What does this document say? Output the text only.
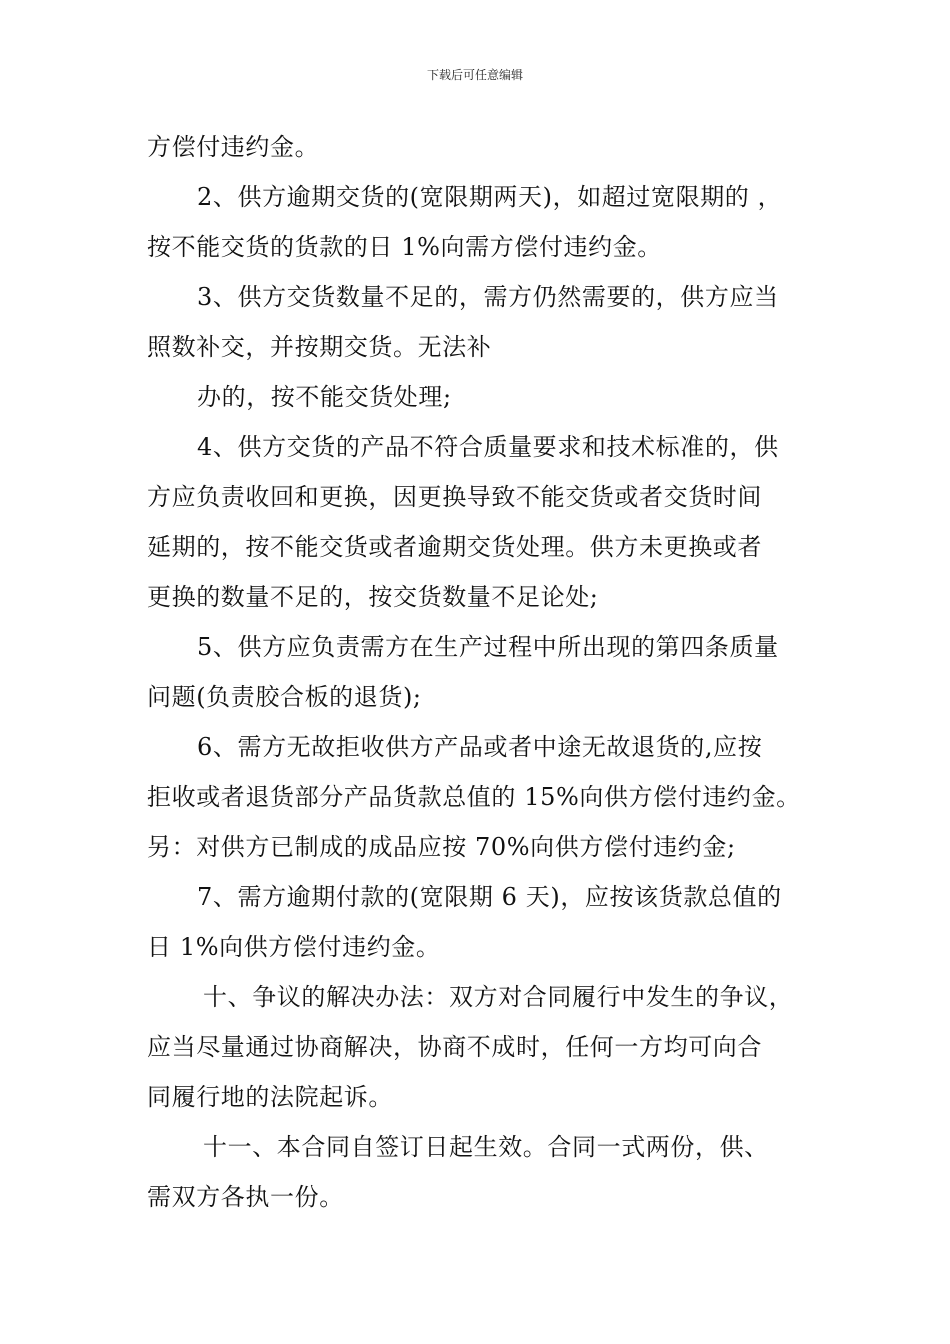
下载后可任意编辑
方偿付违约金。
2、供方逾期交货的(宽限期两天)，如超过宽限期的 ，
按不能交货的货款的日 1%向需方偿付违约金。
3、供方交货数量不足的，需方仍然需要的，供方应当
照数补交，并按期交货。无法补
办的，按不能交货处理;
4、供方交货的产品不符合质量要求和技术标准的，供
方应负责收回和更换，因更换导致不能交货或者交货时间
延期的，按不能交货或者逾期交货处理。供方未更换或者
更换的数量不足的，按交货数量不足论处;
5、供方应负责需方在生产过程中所出现的第四条质量
问题(负责胶合板的退货);
6、需方无故拒收供方产品或者中途无故退货的,应按
拒收或者退货部分产品货款总值的 15%向供方偿付违约金。
另：对供方已制成的成品应按 70%向供方偿付违约金;
7、需方逾期付款的(宽限期 6 天)，应按该货款总值的
日 1%向供方偿付违约金。
十、争议的解决办法：双方对合同履行中发生的争议，
应当尽量通过协商解决，协商不成时，任何一方均可向合
同履行地的法院起诉。
十一、本合同自签订日起生效。合同一式两份，供、
需双方各执一份。
